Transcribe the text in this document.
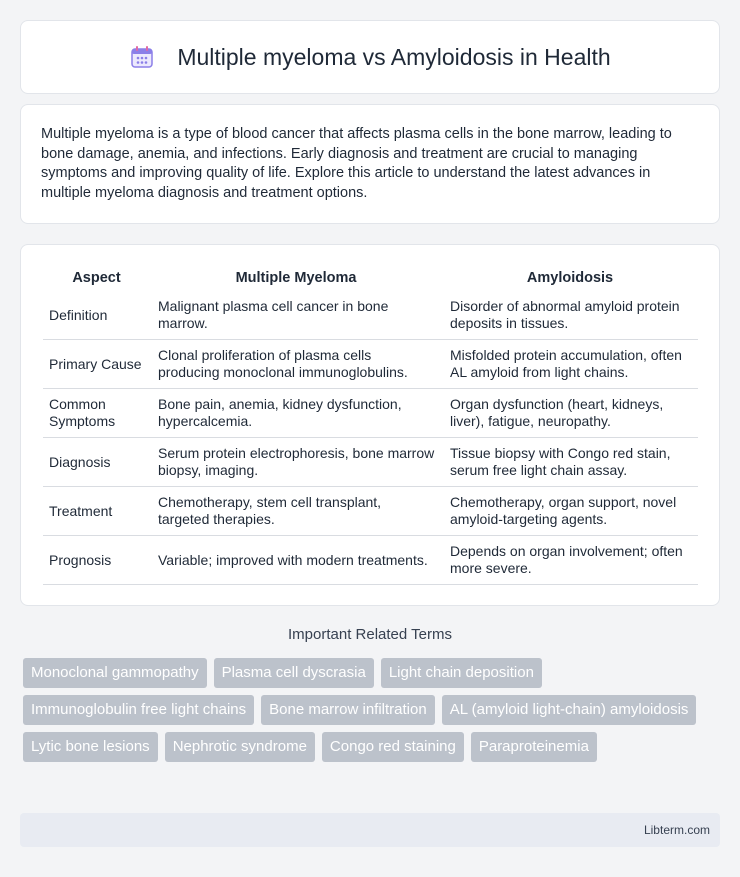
Multiple myeloma vs Amyloidosis in Health

Multiple myeloma is a type of blood cancer that affects plasma cells in the bone marrow, leading to bone damage, anemia, and infections. Early diagnosis and treatment are crucial to managing symptoms and improving quality of life. Explore this article to understand the latest advances in multiple myeloma diagnosis and treatment options.

Aspect	Multiple Myeloma	Amyloidosis
Definition	Malignant plasma cell cancer in bone marrow.	Disorder of abnormal amyloid protein deposits in tissues.
Primary Cause	Clonal proliferation of plasma cells producing monoclonal immunoglobulins.	Misfolded protein accumulation, often AL amyloid from light chains.
Common Symptoms	Bone pain, anemia, kidney dysfunction, hypercalcemia.	Organ dysfunction (heart, kidneys, liver), fatigue, neuropathy.
Diagnosis	Serum protein electrophoresis, bone marrow biopsy, imaging.	Tissue biopsy with Congo red stain, serum free light chain assay.
Treatment	Chemotherapy, stem cell transplant, targeted therapies.	Chemotherapy, organ support, novel amyloid-targeting agents.
Prognosis	Variable; improved with modern treatments.	Depends on organ involvement; often more severe.
Important Related Terms
Monoclonal gammopathy	Plasma cell dyscrasia	Light chain deposition
Immunoglobulin free light chains	Bone marrow infiltration	AL (amyloid light-chain) amyloidosis
Lytic bone lesions	Nephrotic syndrome	Congo red staining	Paraproteinemia
Libterm.com
